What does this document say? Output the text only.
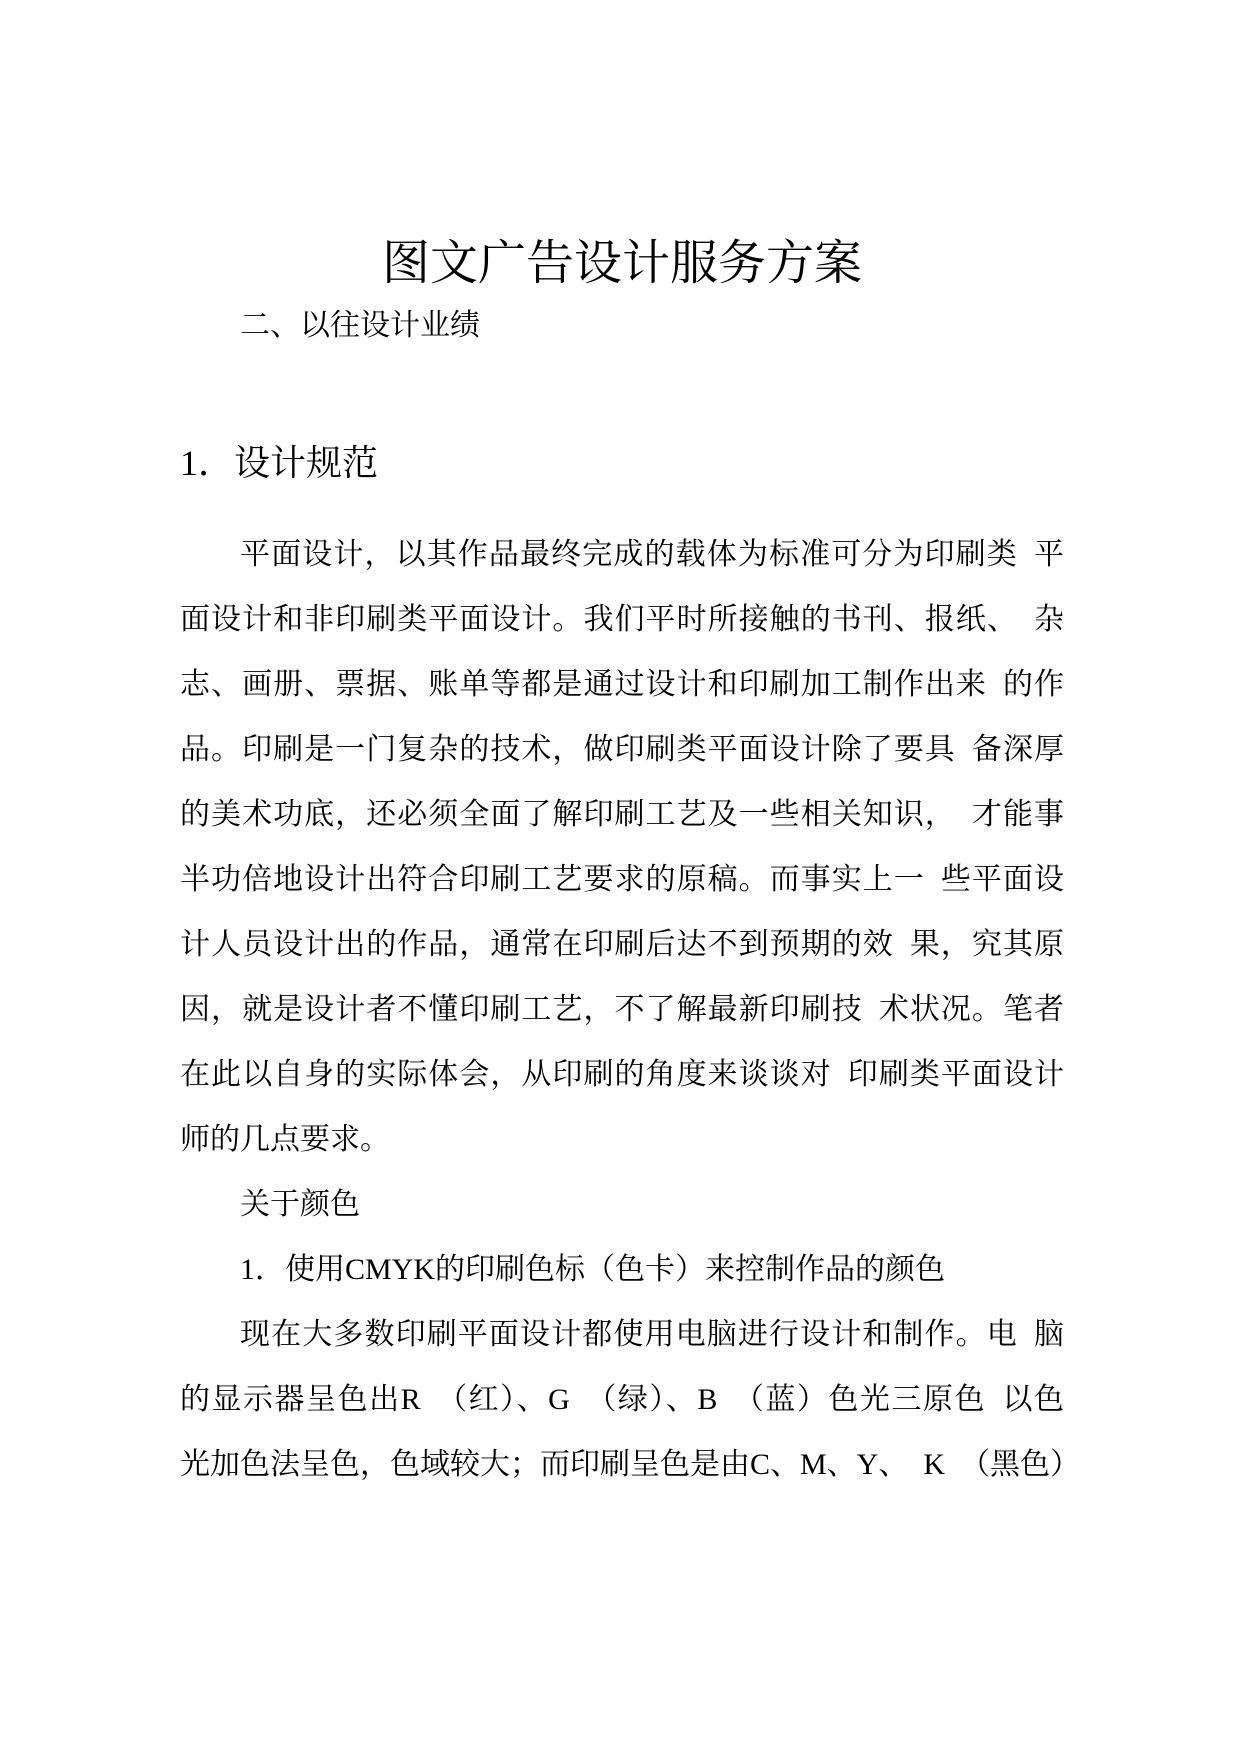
图文广告设计服务方案
二、以往设计业绩
1．设计规范
平面设计，以其作品最终完成的载体为标准可分为印刷类 平
面设计和非印刷类平面设计。我们平时所接触的书刊、报纸、 杂
志、画册、票据、账单等都是通过设计和印刷加工制作出来 的作
品。印刷是一门复杂的技术，做印刷类平面设计除了要具 备深厚
的美术功底，还必须全面了解印刷工艺及一些相关知识， 才能事
半功倍地设计出符合印刷工艺要求的原稿。而事实上一 些平面设
计人员设计出的作品，通常在印刷后达不到预期的效 果，究其原
因，就是设计者不懂印刷工艺，不了解最新印刷技 术状况。笔者
在此以自身的实际体会，从印刷的角度来谈谈对 印刷类平面设计
师的几点要求。
关于颜色
1．使用CMYK的印刷色标（色卡）来控制作品的颜色
现在大多数印刷平面设计都使用电脑进行设计和制作。电 脑
的显示器呈色出R （红）、G （绿）、B （蓝）色光三原色 以色
光加色法呈色，色域较大；而印刷呈色是由C、M、Y、 K （黑色）
